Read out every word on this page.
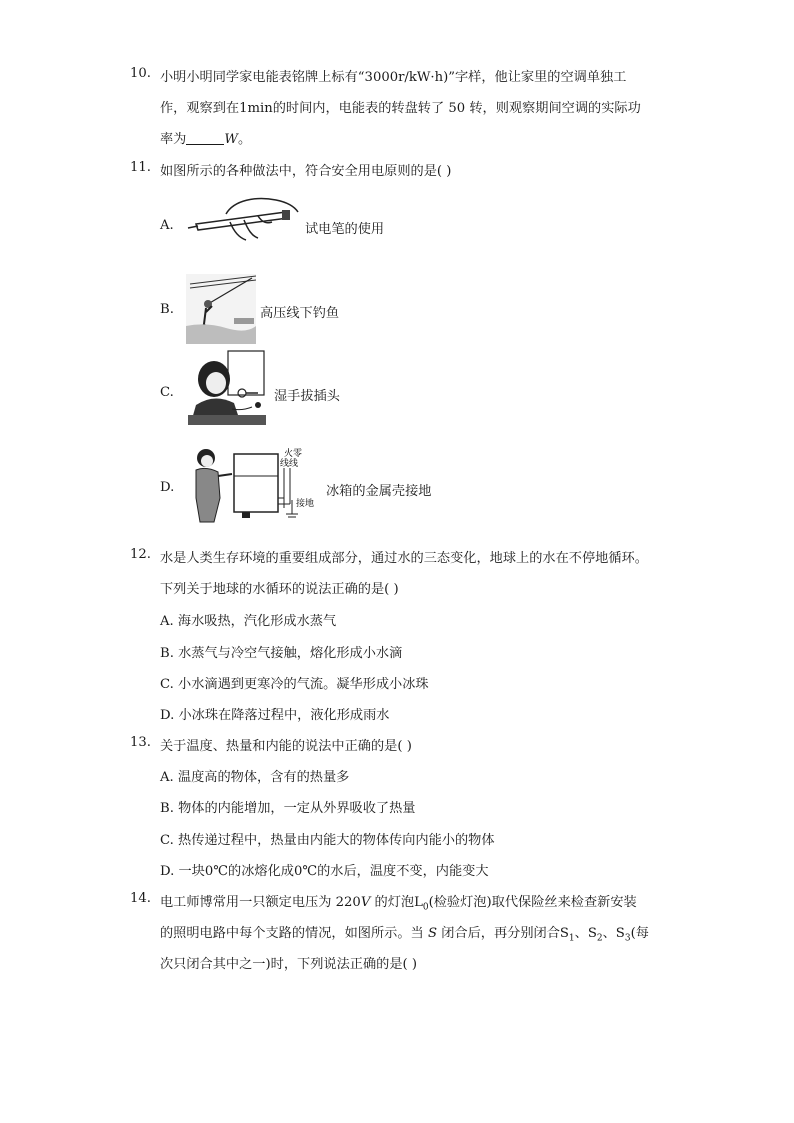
10. 小明小明同学家电能表铭牌上标有“3000r/kW·h)”字样，他让家里的空调单独工
作，观察到在1min的时间内，电能表的转盘转了 50 转，则观察期间空调的实际功
率为	W。
11. 如图所示的各种做法中，符合安全用电原则的是( )
A.	试电笔的使用
B.	高压线下钓鱼
C.	湿手拔插头
D.
火零
线线
接地
冰箱的金属壳接地
12. 水是人类生存环境的重要组成部分，通过水的三态变化，地球上的水在不停地循环。
下列关于地球的水循环的说法正确的是( )
A. 海水吸热，汽化形成水蒸气
B. 水蒸气与冷空气接触，熔化形成小水滴
C. 小水滴遇到更寒冷的气流。凝华形成小冰珠
D. 小冰珠在降落过程中，液化形成雨水
13. 关于温度、热量和内能的说法中正确的是( )
A. 温度高的物体，含有的热量多
B. 物体的内能增加，一定从外界吸收了热量
C. 热传递过程中，热量由内能大的物体传向内能小的物体
D. 一块0℃的冰熔化成0℃的水后，温度不变，内能变大
14. 电工师博常用一只额定电压为 220V 的灯泡$L_0$(检验灯泡)取代保险丝来检查新安装
的照明电路中每个支路的情况，如图所示。当 S 闭合后，再分别闭合$S_1$、$S_2$、$S_3$(每
次只闭合其中之一)时，下列说法正确的是( )
